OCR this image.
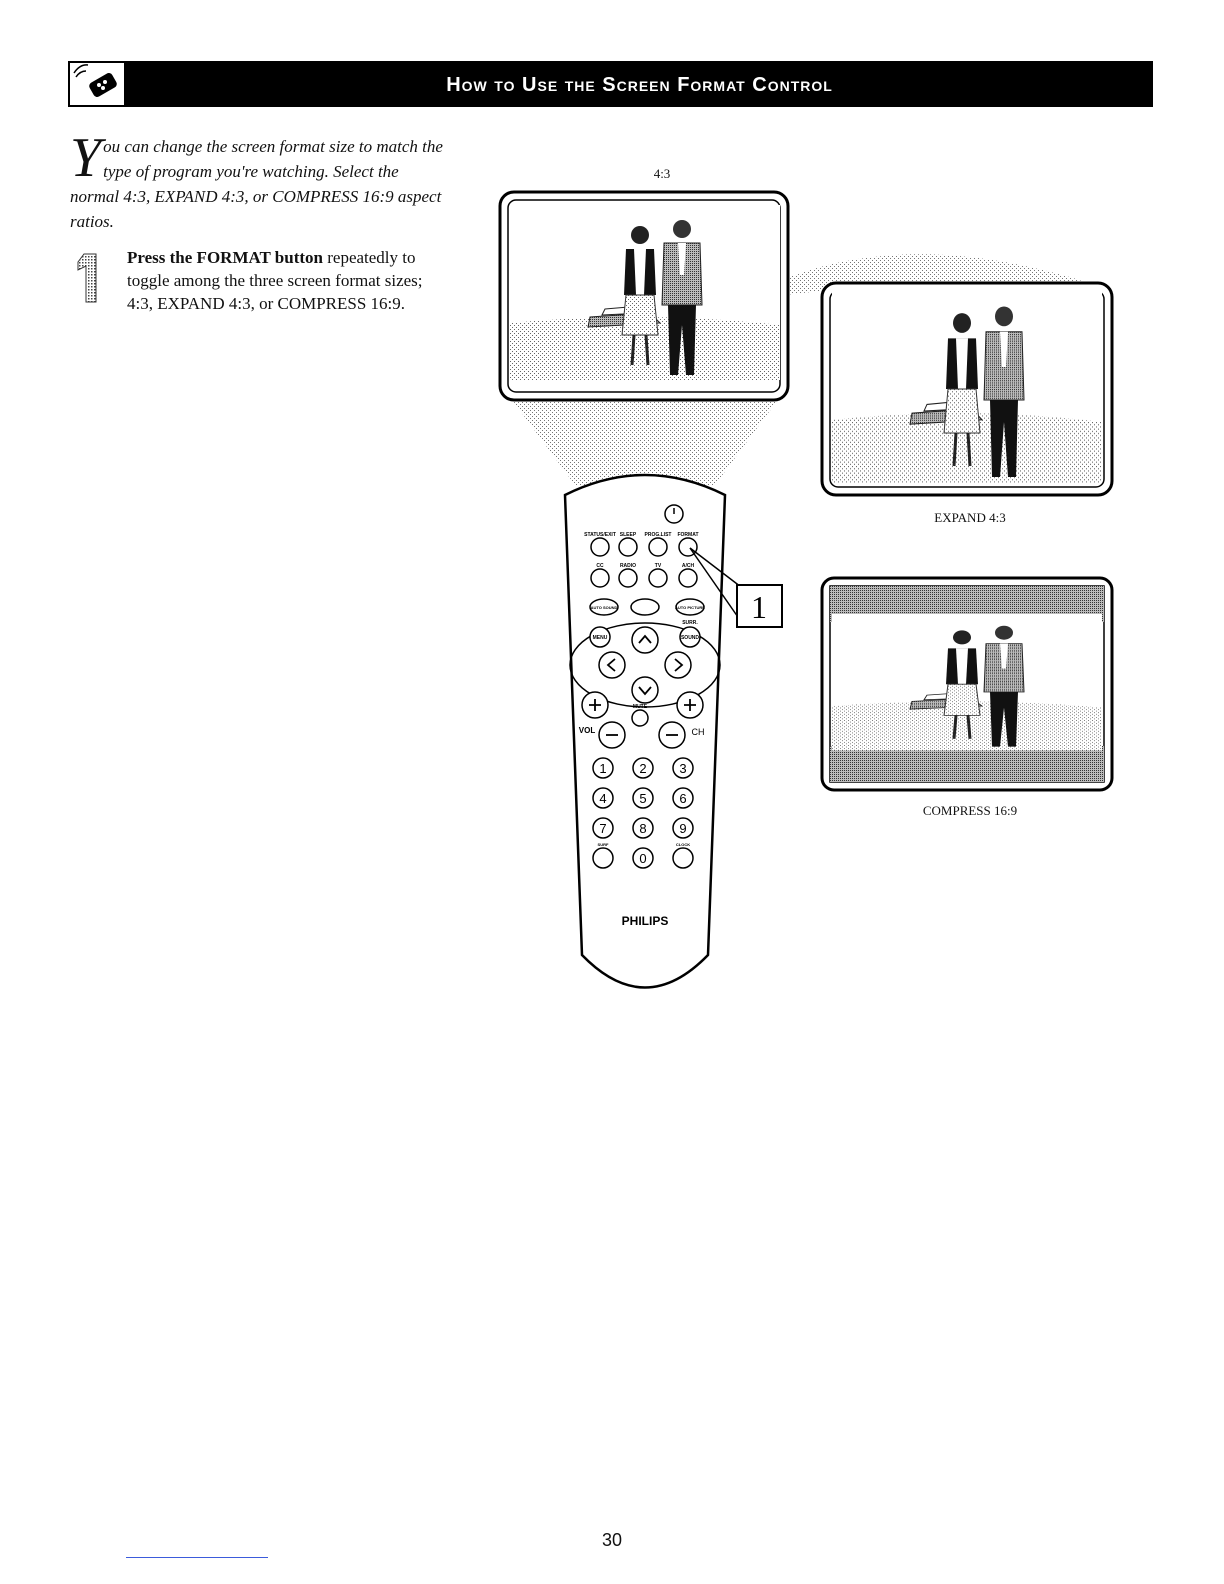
How to Use the Screen Format Control

You can change the screen format size to match the type of program you're watching. Select the normal 4:3, EXPAND 4:3, or COMPRESS 16:9 aspect ratios.

Press the FORMAT button repeatedly to toggle among the three screen format sizes; 4:3, EXPAND 4:3, or COMPRESS 16:9.

4:3
EXPAND 4:3
COMPRESS 16:9
STATUS/EXIT SLEEP PROG.LIST FORMAT
CC	RADIO	TV	A/CH
AUTO SOUND	AUTO PICTURE
SURR.
MENU	SOUND
MUTE
VOL	CH
1	2	3
4	5	6
7	8	9
0
SURF	CLOCK
PHILIPS
1
30
